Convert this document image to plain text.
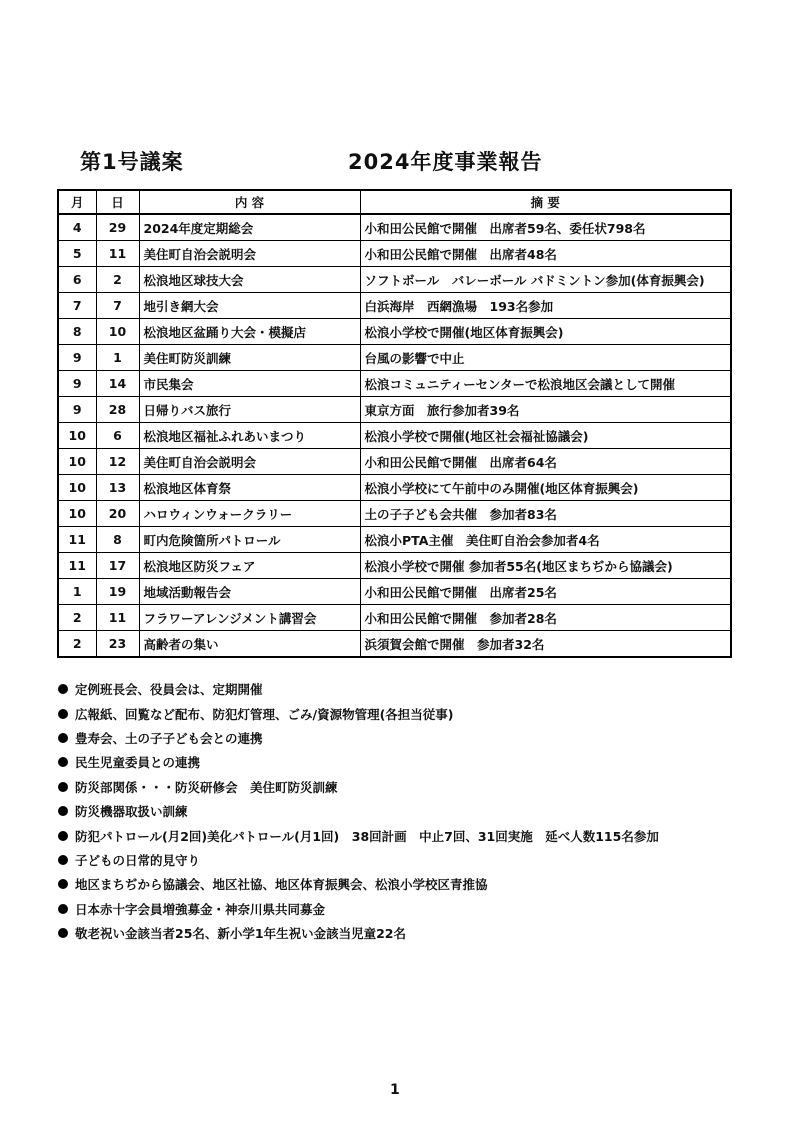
第1号議案	2024年度事業報告
月	日	内 容	摘 要
4	29	2024年度定期総会	小和田公民館で開催　出席者59名、委任状798名
5	11	美住町自治会説明会	小和田公民館で開催　出席者48名
6	2	松浪地区球技大会	ソフトボール　バレーボール バドミントン参加(体育振興会)
7	7	地引き網大会	白浜海岸　西網漁場　193名参加
8	10	松浪地区盆踊り大会・模擬店	松浪小学校で開催(地区体育振興会)
9	1	美住町防災訓練	台風の影響で中止
9	14	市民集会	松浪コミュニティーセンターで松浪地区会議として開催
9	28	日帰りバス旅行	東京方面　旅行参加者39名
10	6	松浪地区福祉ふれあいまつり	松浪小学校で開催(地区社会福祉協議会)
10	12	美住町自治会説明会	小和田公民館で開催　出席者64名
10	13	松浪地区体育祭	松浪小学校にて午前中のみ開催(地区体育振興会)
10	20	ハロウィンウォークラリー	土の子子ども会共催　参加者83名
11	8	町内危険箇所パトロール	松浪小PTA主催　美住町自治会参加者4名
11	17	松浪地区防災フェア	松浪小学校で開催 参加者55名(地区まちぢから協議会)
1	19	地域活動報告会	小和田公民館で開催　出席者25名
2	11	フラワーアレンジメント講習会	小和田公民館で開催　参加者28名
2	23	高齢者の集い	浜須賀会館で開催　参加者32名
定例班長会、役員会は、定期開催
広報紙、回覧など配布、防犯灯管理、ごみ/資源物管理(各担当従事)
豊寿会、土の子子ども会との連携
民生児童委員との連携
防災部関係・・・防災研修会　美住町防災訓練
防災機器取扱い訓練
防犯パトロール(月2回)美化パトロール(月1回)　38回計画　中止7回、31回実施　延べ人数115名参加
子どもの日常的見守り
地区まちぢから協議会、地区社協、地区体育振興会、松浪小学校区青推協
日本赤十字会員増強募金・神奈川県共同募金
敬老祝い金該当者25名、新小学1年生祝い金該当児童22名
1
